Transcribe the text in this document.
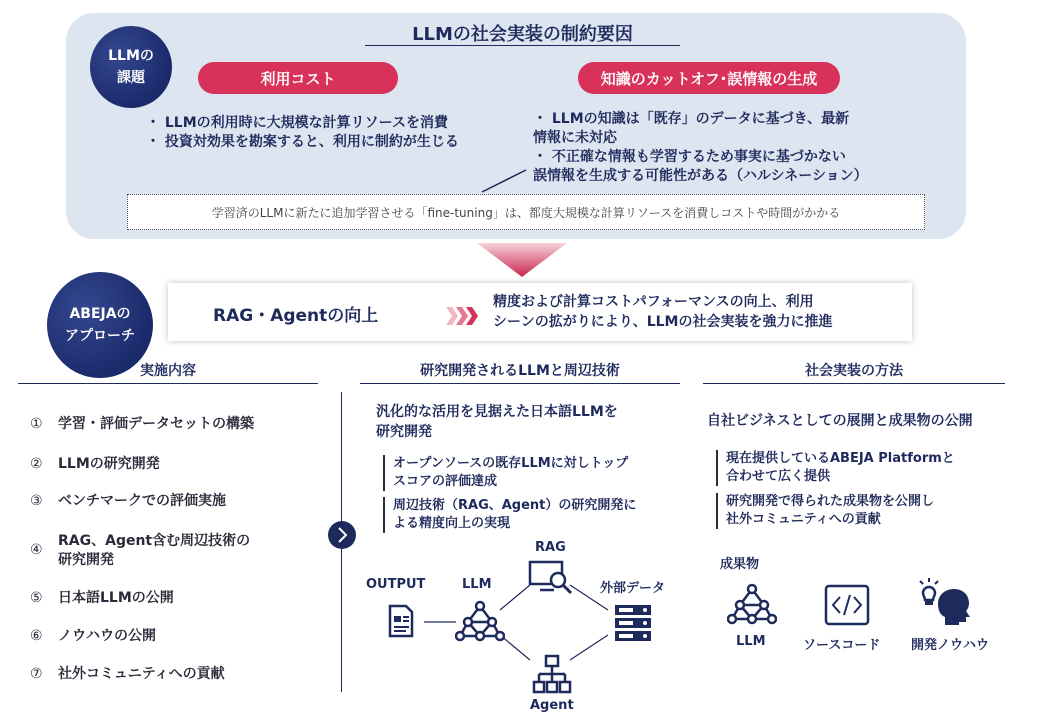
LLMの
課題
LLMの社会実装の制約要因
利用コスト	知識のカットオフ･誤情報の生成
・ LLMの利用時に大規模な計算リソースを消費
・ 投資対効果を勘案すると、利用に制約が生じる
・ LLMの知識は「既存」のデータに基づき、最新
情報に未対応
・ 不正確な情報も学習するため事実に基づかない
誤情報を生成する可能性がある（ハルシネーション）
学習済のLLMに新たに追加学習させる「fine-tuning」は、都度大規模な計算リソースを消費しコストや時間がかかる
ABEJAの
アプローチ
RAG・Agentの向上
精度および計算コストパフォーマンスの向上、利用
シーンの拡がりにより、LLMの社会実装を強力に推進
実施内容	研究開発されるLLMと周辺技術	社会実装の方法
①	学習・評価データセットの構築
②	LLMの研究開発
③	ベンチマークでの評価実施
④
RAG、Agent含む周辺技術の
研究開発
⑤	日本語LLMの公開
⑥	ノウハウの公開
⑦	社外コミュニティへの貢献
汎化的な活用を見据えた日本語LLMを
研究開発
オープンソースの既存LLMに対しトップ
スコアの評価達成
周辺技術（RAG、Agent）の研究開発に
よる精度向上の実現
OUTPUT	LLM
RAG
外部データ
Agent
自社ビジネスとしての展開と成果物の公開
現在提供しているABEJA Platformと
合わせて広く提供
研究開発で得られた成果物を公開し
社外コミュニティへの貢献
成果物
LLM	ソースコード 開発ノウハウ
